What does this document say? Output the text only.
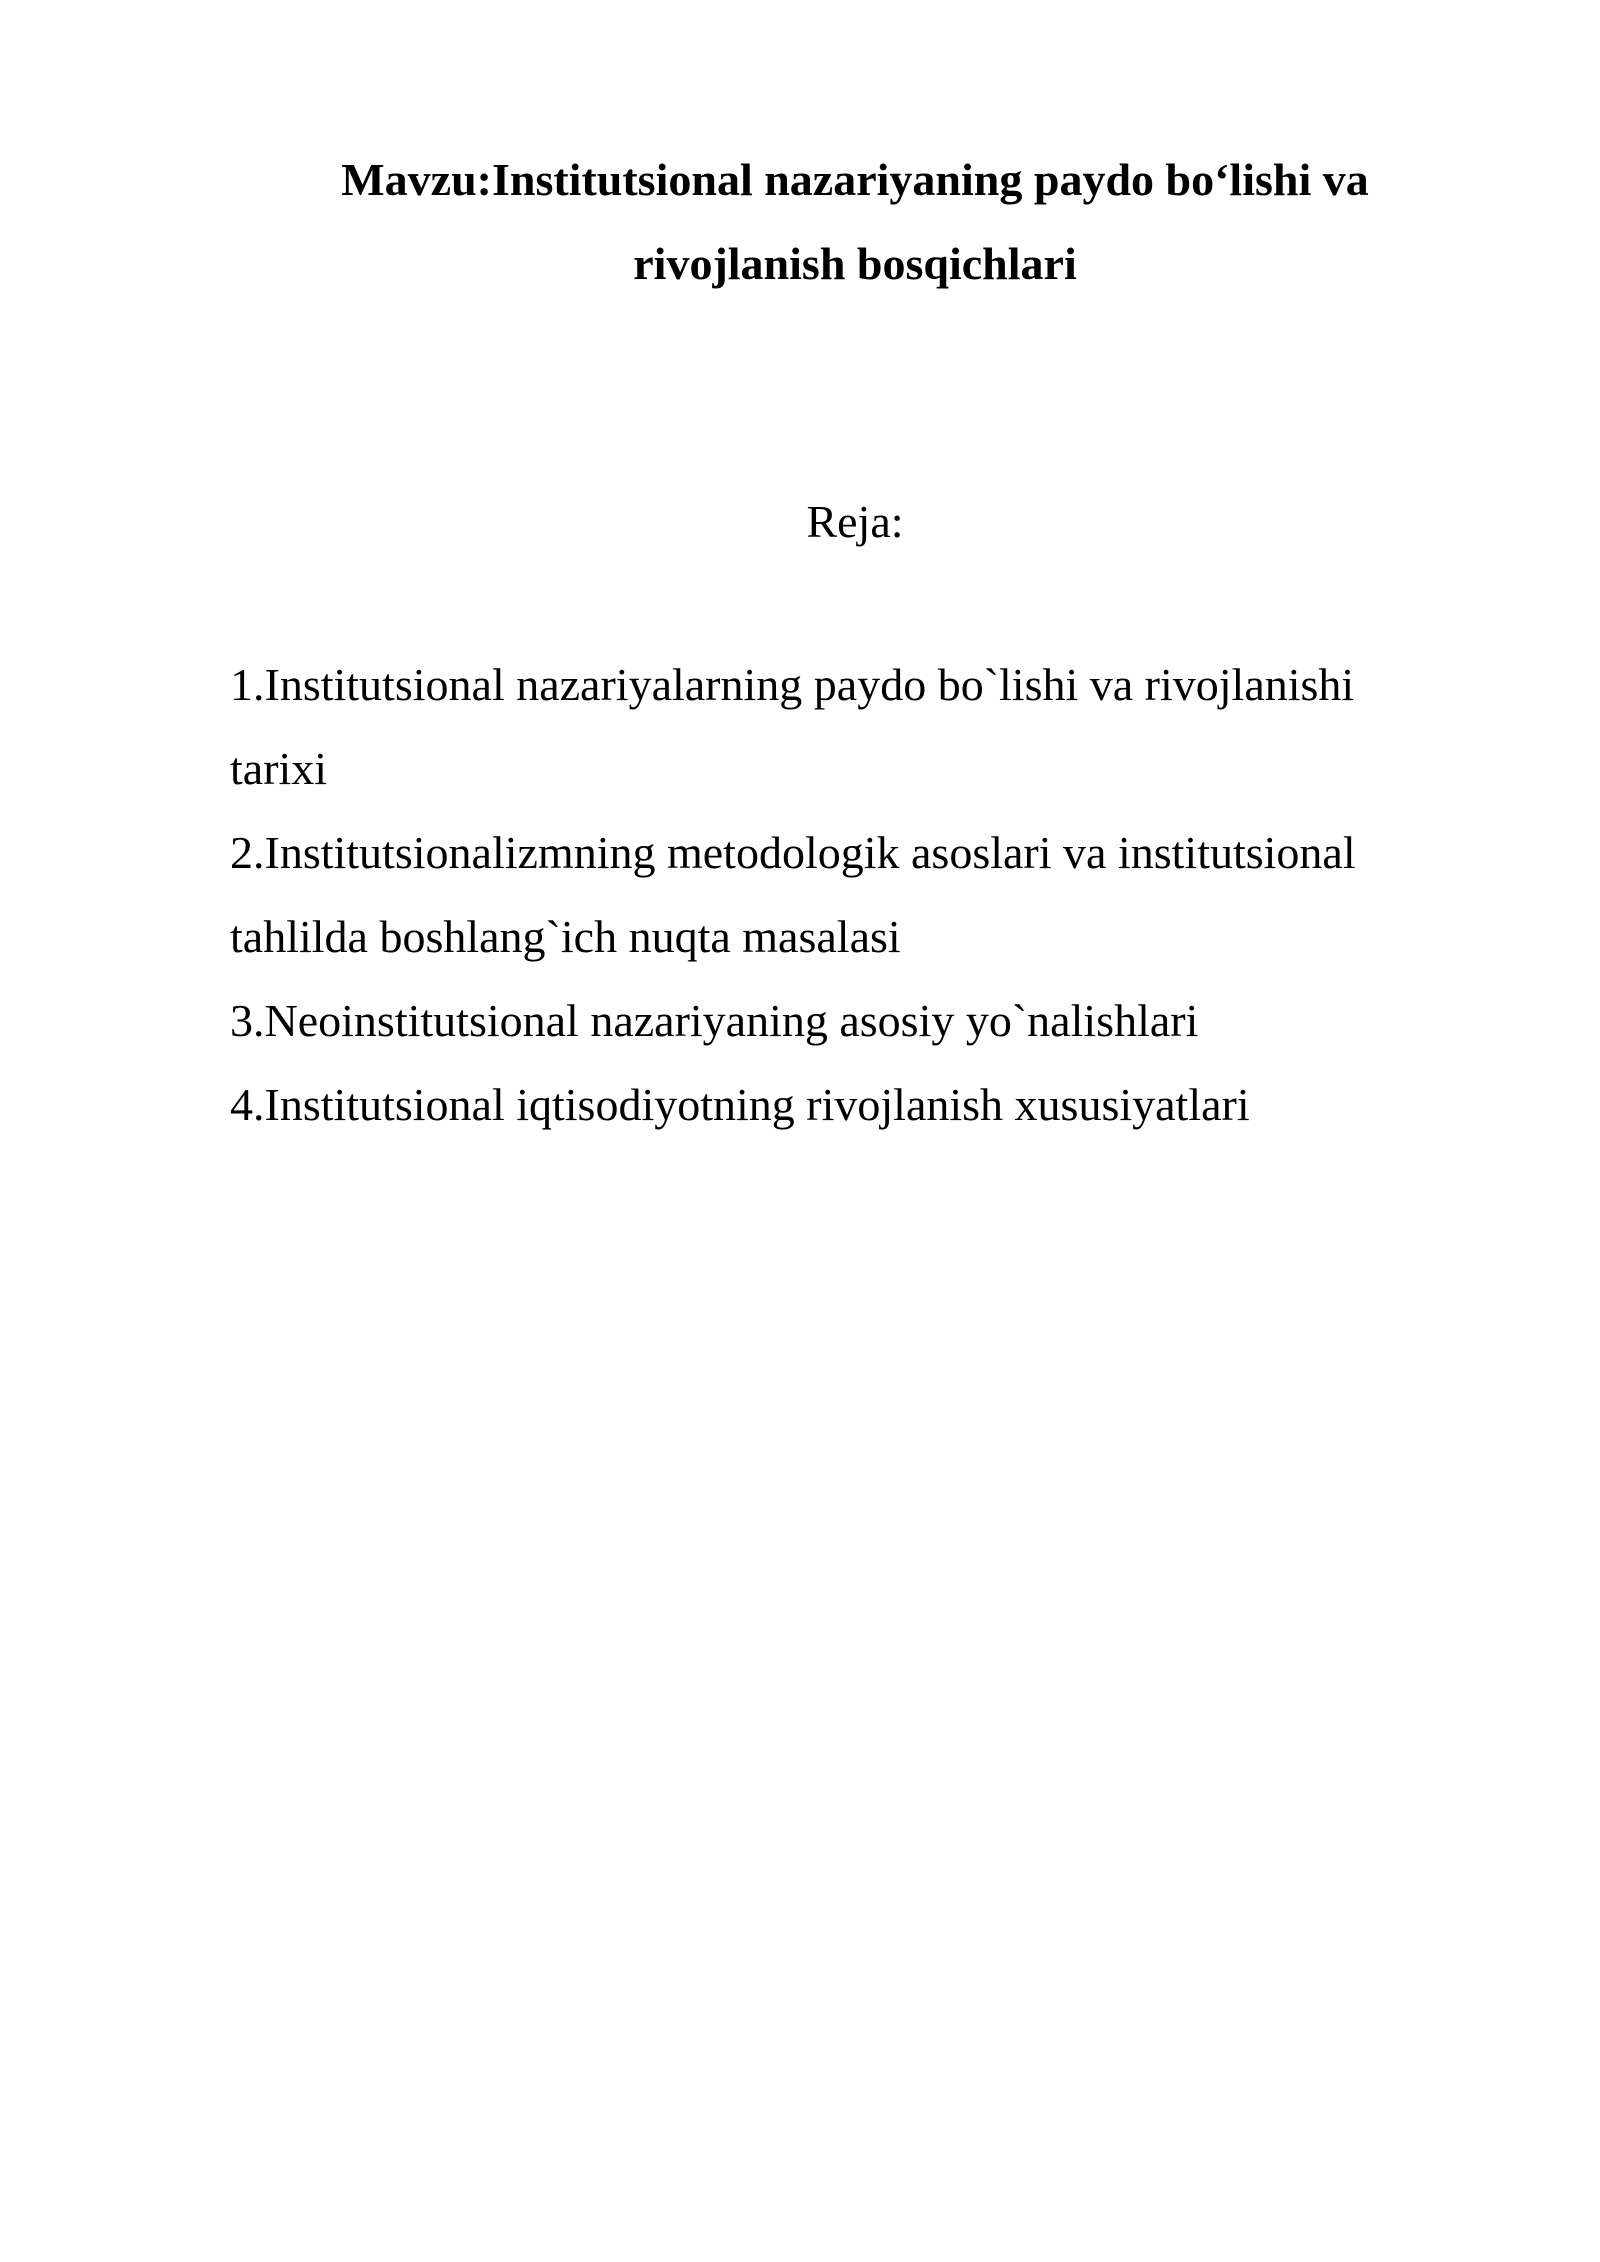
Mavzu:Institutsional nazariyaning paydo bo‘lishi va rivojlanish bosqichlari
Reja:
1.Institutsional nazariyalarning paydo bo`lishi va rivojlanishi tarixi
2.Institutsionalizmning metodologik asoslari va institutsional tahlilda boshlang`ich nuqta masalasi
3.Neoinstitutsional nazariyaning asosiy yo`nalishlari
4.Institutsional iqtisodiyotning rivojlanish xususiyatlari
